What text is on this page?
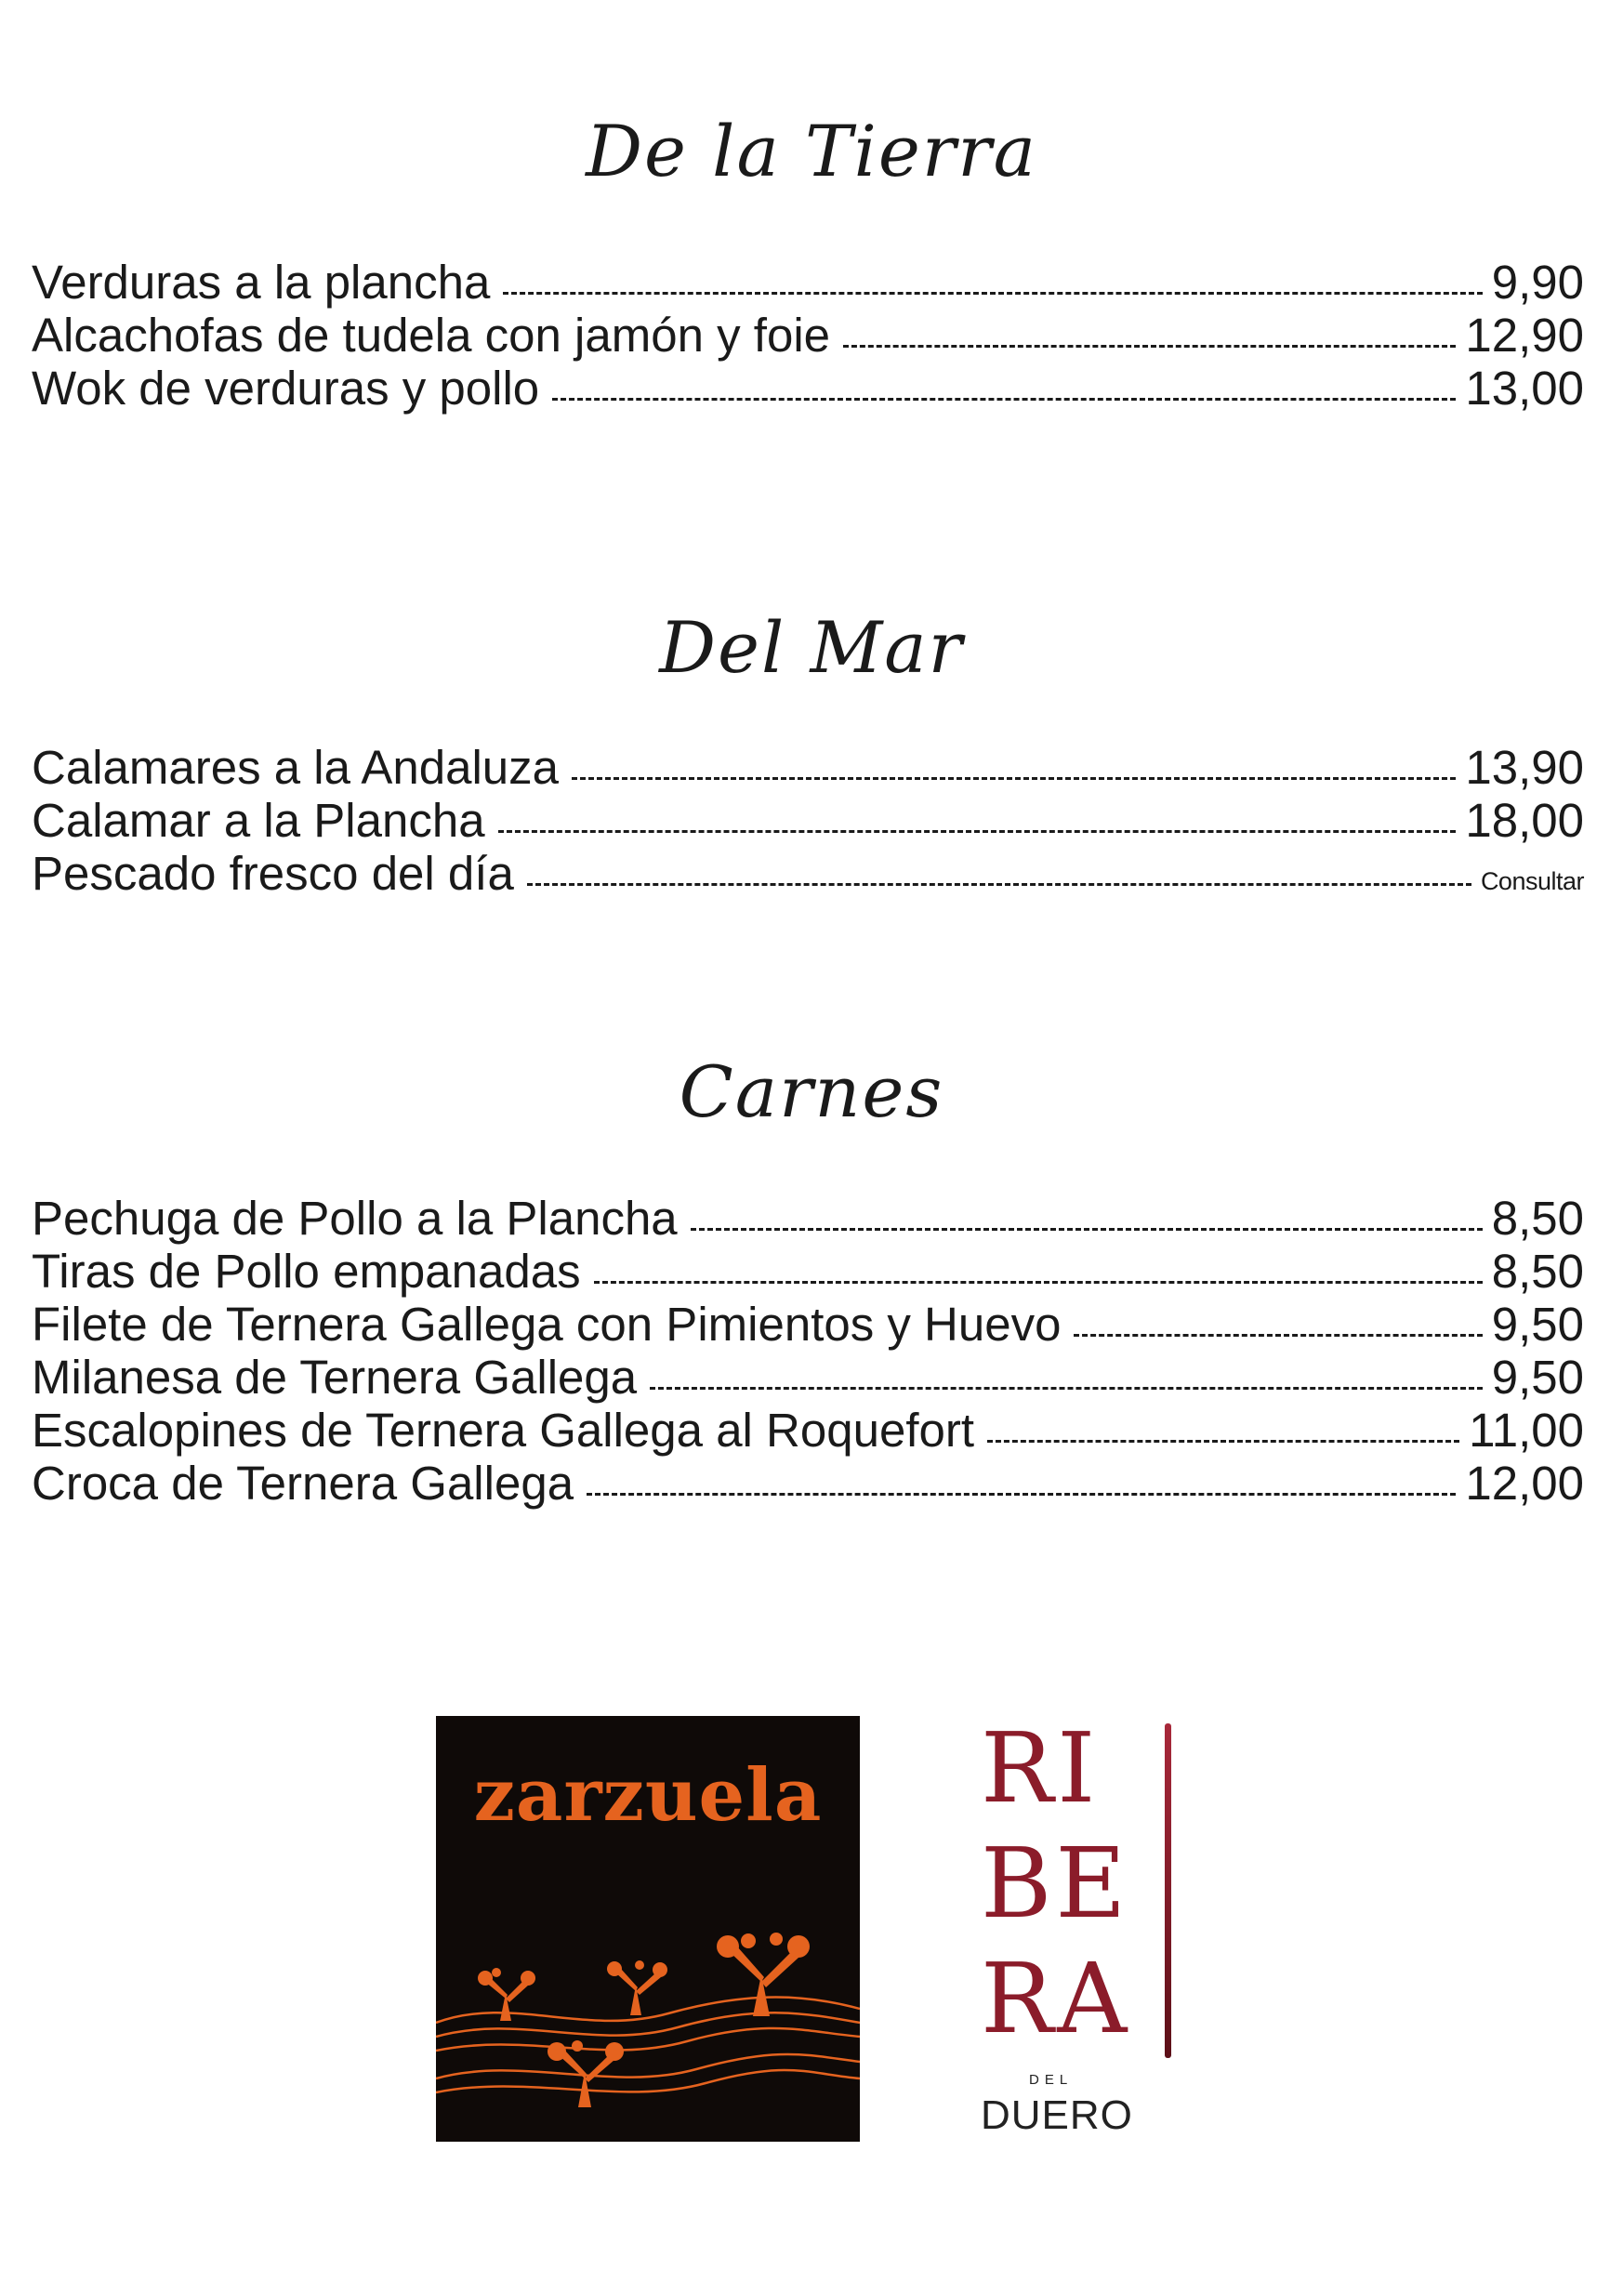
De la Tierra
Verduras a la plancha	9,90
Alcachofas de tudela con jamón y foie	12,90
Wok de verduras y pollo	13,00
Del Mar
Calamares a la Andaluza	13,90
Calamar a la Plancha	18,00
Pescado fresco del día	Consultar
Carnes
Pechuga de Pollo a la Plancha	8,50
Tiras de Pollo empanadas	8,50
Filete de Ternera Gallega con Pimientos y Huevo	9,50
Milanesa de Ternera Gallega	9,50
Escalopines de Ternera Gallega al Roquefort	11,00
Croca de Ternera Gallega	12,00
zarzuela	RI
BE
RA
DEL
DUERO
